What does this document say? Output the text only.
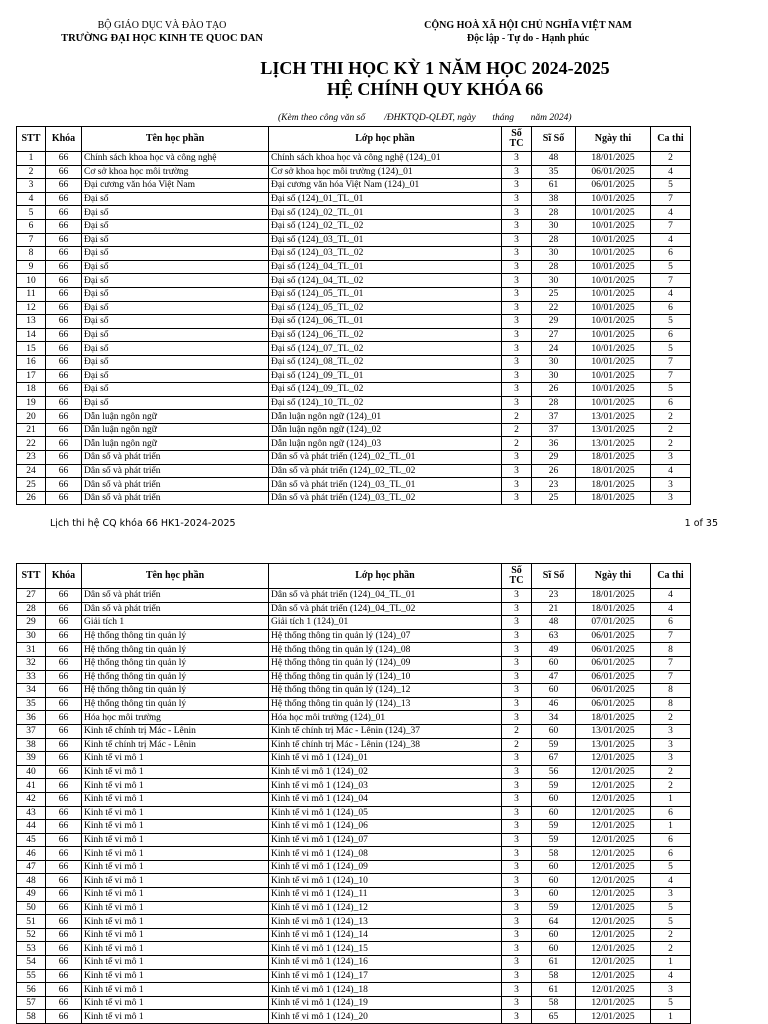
BỘ GIÁO DỤC VÀ ĐÀO TẠO
TRƯỜNG ĐẠI HỌC KINH TE QUOC DAN
CỘNG HOÀ XÃ HỘI CHỦ NGHĨA VIỆT NAM
Độc lập - Tự do - Hạnh phúc
LỊCH THI HỌC KỲ 1 NĂM HỌC 2024-2025
HỆ CHÍNH QUY KHÓA 66
(Kèm theo công văn số        /ĐHKTQD-QLĐT, ngày       tháng       năm 2024)
STT	Khóa	Tên học phần	Lớp học phần	Số TC	Sĩ Số	Ngày thi	Ca thi
1	66	Chính sách khoa học và công nghệ	Chính sách khoa học và công nghệ (124)_01	3	48	18/01/2025	2
2	66	Cơ sở khoa học môi trường	Cơ sở khoa học môi trường (124)_01	3	35	06/01/2025	4
3	66	Đại cương văn hóa Việt Nam	Đại cương văn hóa Việt Nam (124)_01	3	61	06/01/2025	5
4	66	Đại số	Đại số (124)_01_TL_01	3	38	10/01/2025	7
5	66	Đại số	Đại số (124)_02_TL_01	3	28	10/01/2025	4
6	66	Đại số	Đại số (124)_02_TL_02	3	30	10/01/2025	7
7	66	Đại số	Đại số (124)_03_TL_01	3	28	10/01/2025	4
8	66	Đại số	Đại số (124)_03_TL_02	3	30	10/01/2025	6
9	66	Đại số	Đại số (124)_04_TL_01	3	28	10/01/2025	5
10	66	Đại số	Đại số (124)_04_TL_02	3	30	10/01/2025	7
11	66	Đại số	Đại số (124)_05_TL_01	3	25	10/01/2025	4
12	66	Đại số	Đại số (124)_05_TL_02	3	22	10/01/2025	6
13	66	Đại số	Đại số (124)_06_TL_01	3	29	10/01/2025	5
14	66	Đại số	Đại số (124)_06_TL_02	3	27	10/01/2025	6
15	66	Đại số	Đại số (124)_07_TL_02	3	24	10/01/2025	5
16	66	Đại số	Đại số (124)_08_TL_02	3	30	10/01/2025	7
17	66	Đại số	Đại số (124)_09_TL_01	3	30	10/01/2025	7
18	66	Đại số	Đại số (124)_09_TL_02	3	26	10/01/2025	5
19	66	Đại số	Đại số (124)_10_TL_02	3	28	10/01/2025	6
20	66	Dẫn luận ngôn ngữ	Dẫn luận ngôn ngữ (124)_01	2	37	13/01/2025	2
21	66	Dẫn luận ngôn ngữ	Dẫn luận ngôn ngữ (124)_02	2	37	13/01/2025	2
22	66	Dẫn luận ngôn ngữ	Dẫn luận ngôn ngữ (124)_03	2	36	13/01/2025	2
23	66	Dân số và phát triển	Dân số và phát triển (124)_02_TL_01	3	29	18/01/2025	3
24	66	Dân số và phát triển	Dân số và phát triển (124)_02_TL_02	3	26	18/01/2025	4
25	66	Dân số và phát triển	Dân số và phát triển (124)_03_TL_01	3	23	18/01/2025	3
26	66	Dân số và phát triển	Dân số và phát triển (124)_03_TL_02	3	25	18/01/2025	3
Lịch thi hệ CQ khóa 66 HK1-2024-2025	1 of 35
STT	Khóa	Tên học phần	Lớp học phần	Số TC	Sĩ Số	Ngày thi	Ca thi
27	66	Dân số và phát triển	Dân số và phát triển (124)_04_TL_01	3	23	18/01/2025	4
28	66	Dân số và phát triển	Dân số và phát triển (124)_04_TL_02	3	21	18/01/2025	4
29	66	Giải tích 1	Giải tích 1 (124)_01	3	48	07/01/2025	6
30	66	Hệ thống thông tin quản lý	Hệ thống thông tin quản lý (124)_07	3	63	06/01/2025	7
31	66	Hệ thống thông tin quản lý	Hệ thống thông tin quản lý (124)_08	3	49	06/01/2025	8
32	66	Hệ thống thông tin quản lý	Hệ thống thông tin quản lý (124)_09	3	60	06/01/2025	7
33	66	Hệ thống thông tin quản lý	Hệ thống thông tin quản lý (124)_10	3	47	06/01/2025	7
34	66	Hệ thống thông tin quản lý	Hệ thống thông tin quản lý (124)_12	3	60	06/01/2025	8
35	66	Hệ thống thông tin quản lý	Hệ thống thông tin quản lý (124)_13	3	46	06/01/2025	8
36	66	Hóa học môi trường	Hóa học môi trường (124)_01	3	34	18/01/2025	2
37	66	Kinh tế chính trị Mác - Lênin	Kinh tế chính trị Mác - Lênin (124)_37	2	60	13/01/2025	3
38	66	Kinh tế chính trị Mác - Lênin	Kinh tế chính trị Mác - Lênin (124)_38	2	59	13/01/2025	3
39	66	Kinh tế vi mô 1	Kinh tế vi mô 1 (124)_01	3	67	12/01/2025	3
40	66	Kinh tế vi mô 1	Kinh tế vi mô 1 (124)_02	3	56	12/01/2025	2
41	66	Kinh tế vi mô 1	Kinh tế vi mô 1 (124)_03	3	59	12/01/2025	2
42	66	Kinh tế vi mô 1	Kinh tế vi mô 1 (124)_04	3	60	12/01/2025	1
43	66	Kinh tế vi mô 1	Kinh tế vi mô 1 (124)_05	3	60	12/01/2025	6
44	66	Kinh tế vi mô 1	Kinh tế vi mô 1 (124)_06	3	59	12/01/2025	1
45	66	Kinh tế vi mô 1	Kinh tế vi mô 1 (124)_07	3	59	12/01/2025	6
46	66	Kinh tế vi mô 1	Kinh tế vi mô 1 (124)_08	3	58	12/01/2025	6
47	66	Kinh tế vi mô 1	Kinh tế vi mô 1 (124)_09	3	60	12/01/2025	5
48	66	Kinh tế vi mô 1	Kinh tế vi mô 1 (124)_10	3	60	12/01/2025	4
49	66	Kinh tế vi mô 1	Kinh tế vi mô 1 (124)_11	3	60	12/01/2025	3
50	66	Kinh tế vi mô 1	Kinh tế vi mô 1 (124)_12	3	59	12/01/2025	5
51	66	Kinh tế vi mô 1	Kinh tế vi mô 1 (124)_13	3	64	12/01/2025	5
52	66	Kinh tế vi mô 1	Kinh tế vi mô 1 (124)_14	3	60	12/01/2025	2
53	66	Kinh tế vi mô 1	Kinh tế vi mô 1 (124)_15	3	60	12/01/2025	2
54	66	Kinh tế vi mô 1	Kinh tế vi mô 1 (124)_16	3	61	12/01/2025	1
55	66	Kinh tế vi mô 1	Kinh tế vi mô 1 (124)_17	3	58	12/01/2025	4
56	66	Kinh tế vi mô 1	Kinh tế vi mô 1 (124)_18	3	61	12/01/2025	3
57	66	Kinh tế vi mô 1	Kinh tế vi mô 1 (124)_19	3	58	12/01/2025	5
58	66	Kinh tế vi mô 1	Kinh tế vi mô 1 (124)_20	3	65	12/01/2025	1
